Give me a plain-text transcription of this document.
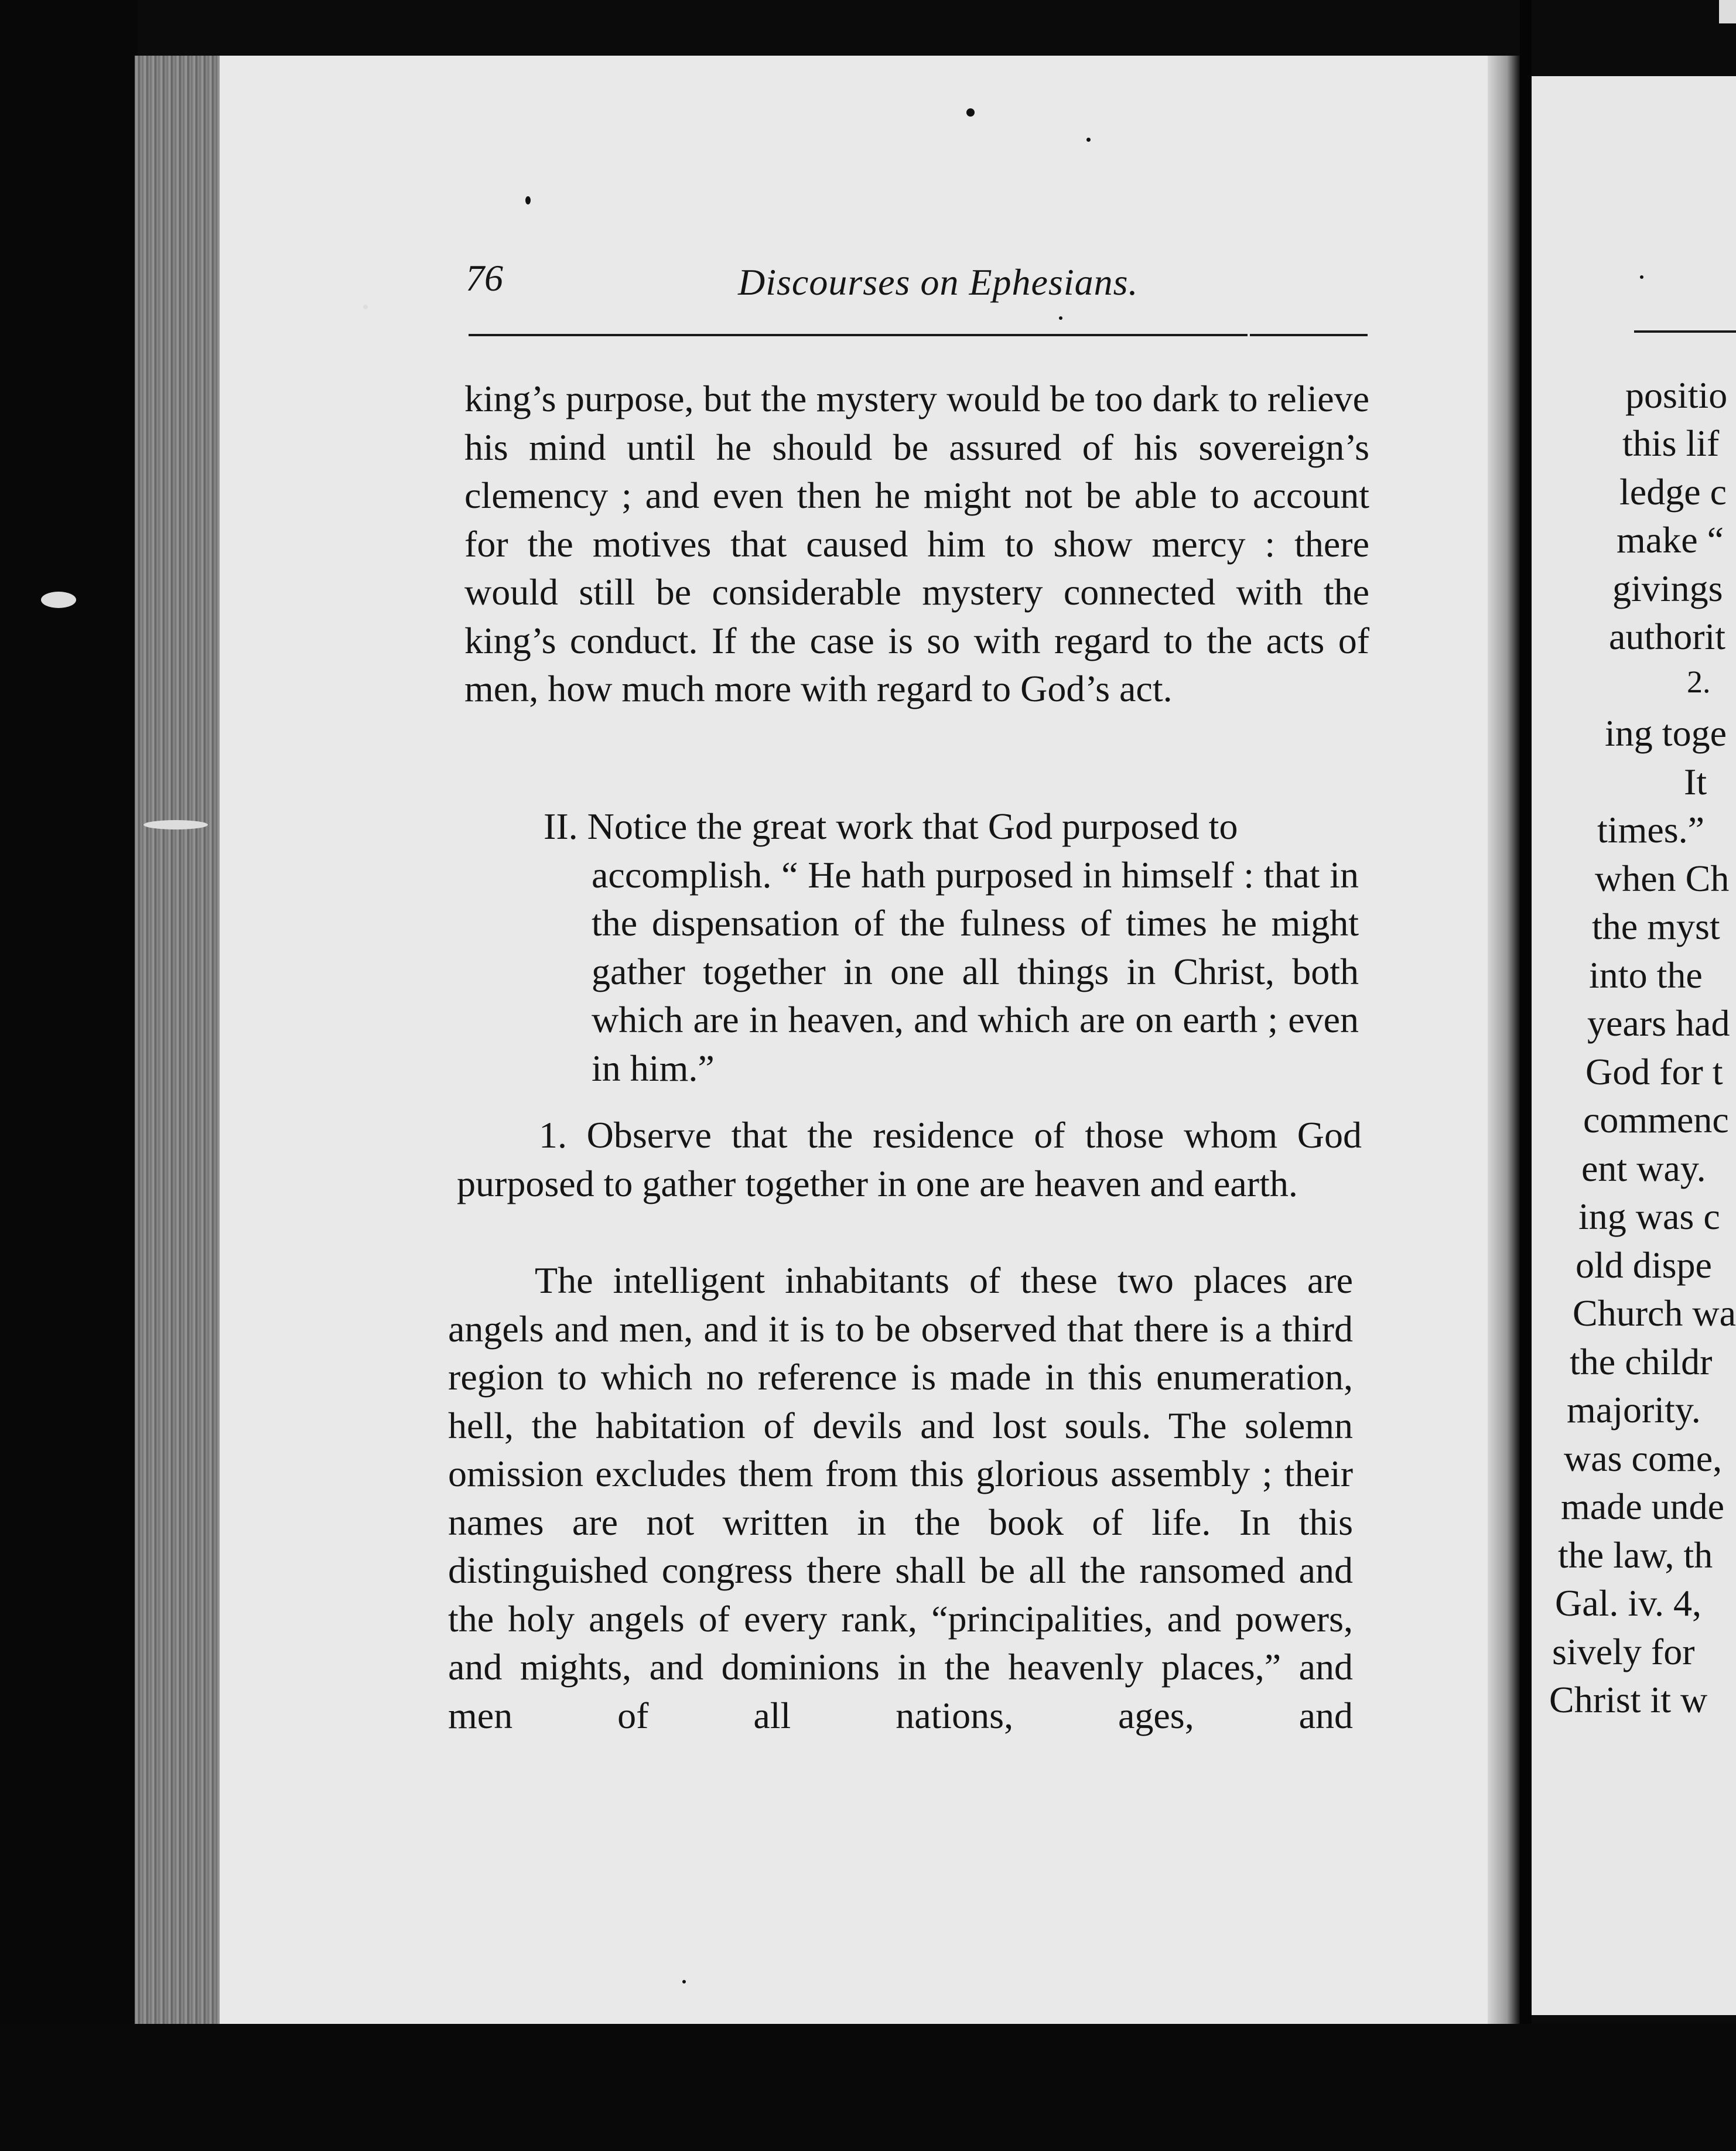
76	Discourses on Ephesians.

king’s purpose, but the mystery would be too dark to relieve his mind until he should be assured of his sovereign’s clemency ; and even then he might not be able to account for the motives that caused him to show mercy : there would still be considerable mystery connected with the king’s conduct. If the case is so with regard to the acts of men, how much more with regard to God’s act.

II. Notice the great work that God purposed to
accomplish. “ He hath purposed in himself : that in the dispensation of the fulness of times he might gather together in one all things in Christ, both which are in heaven, and which are on earth ; even in him.”

1. Observe that the residence of those whom God purposed to gather together in one are heaven and earth.

The intelligent inhabitants of these two places are angels and men, and it is to be observed that there is a third region to which no reference is made in this enumeration, hell, the habitation of devils and lost souls. The solemn omission excludes them from this glorious assembly ; their names are not written in the book of life. In this distinguished congress there shall be all the ransomed and the holy angels of every rank, “principalities, and powers, and mights, and dominions in the heavenly places,” and men of all nations, ages, and

positio
this lif
ledge c
make “
givings
authorit
2.
ing toge
It
times.”
when Ch
the myst
into the
years had
God for t
commenc
ent way.
ing was c
old dispe
Church wa
the childr
majority.
was come,
made unde
the law, th
Gal. iv. 4,
sively for
Christ it w
